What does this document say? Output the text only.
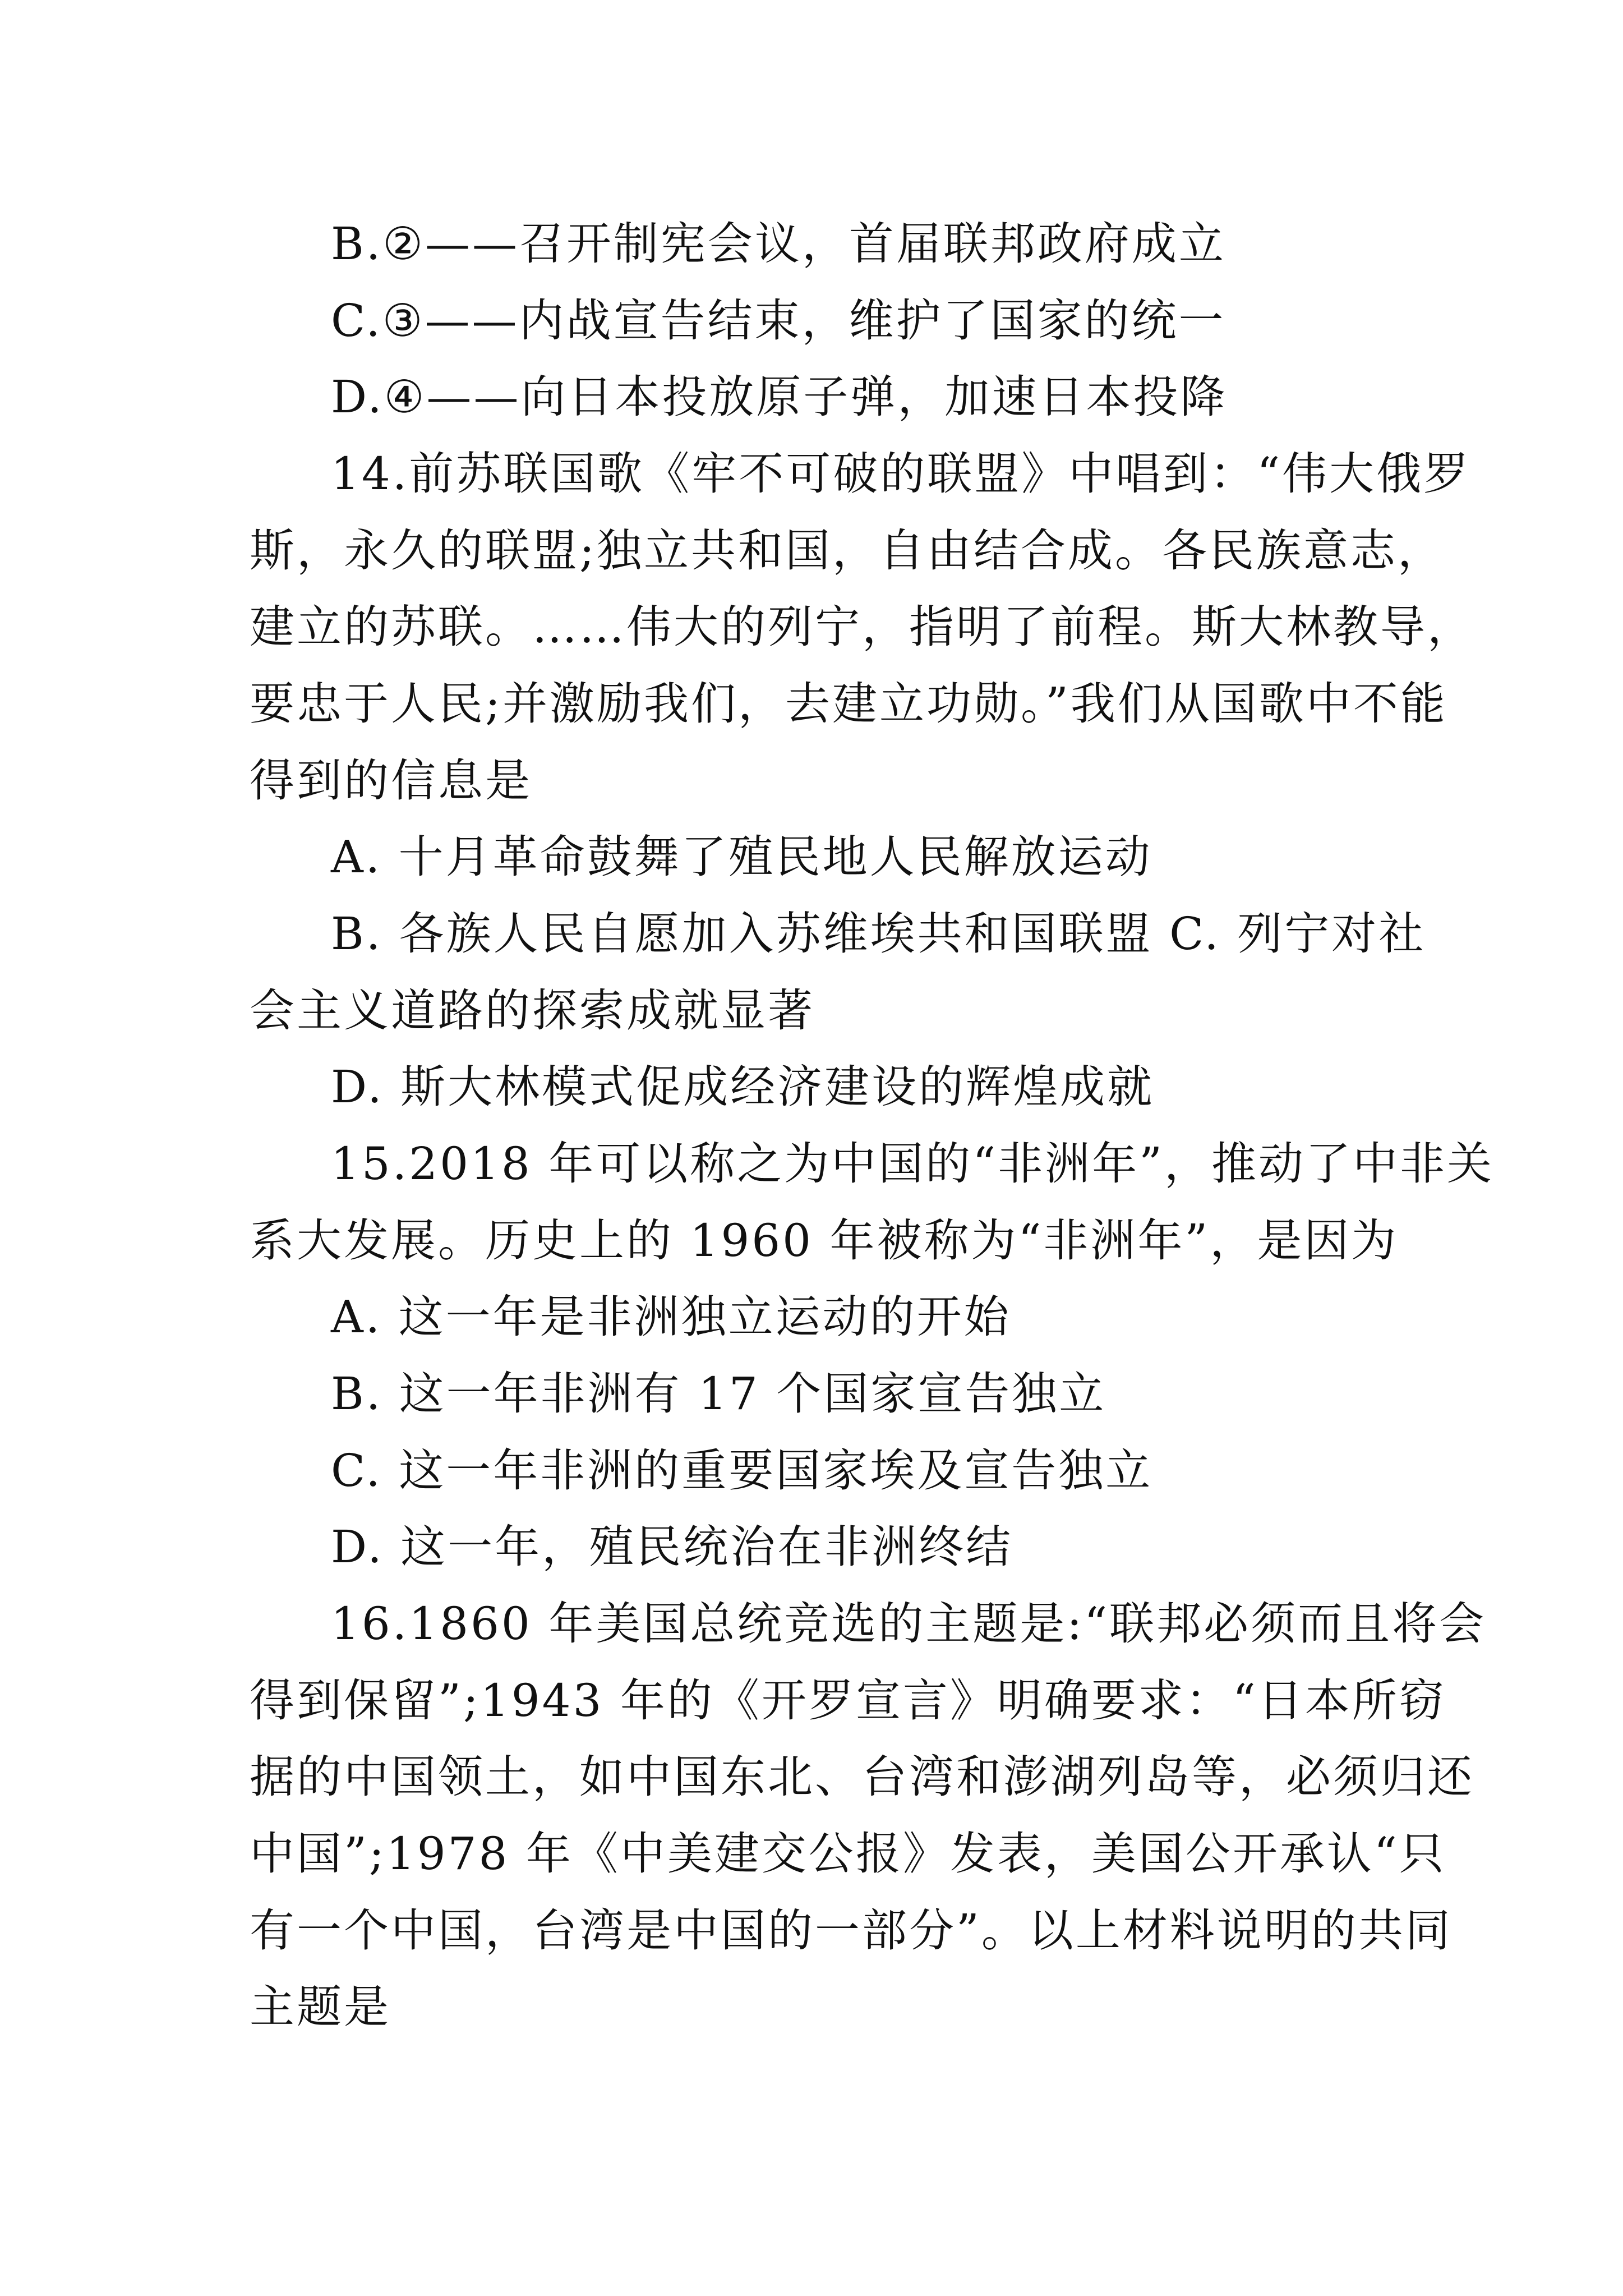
B.②——召开制宪会议，首届联邦政府成立
C.③——内战宣告结束，维护了国家的统一
D.④——向日本投放原子弹，加速日本投降
14.前苏联国歌《牢不可破的联盟》中唱到：“伟大俄罗
斯，永久的联盟;独立共和国，自由结合成。各民族意志，
建立的苏联。……伟大的列宁，指明了前程。斯大林教导，
要忠于人民;并激励我们，去建立功勋。”我们从国歌中不能
得到的信息是
A. 十月革命鼓舞了殖民地人民解放运动
B. 各族人民自愿加入苏维埃共和国联盟 C. 列宁对社
会主义道路的探索成就显著
D. 斯大林模式促成经济建设的辉煌成就
15.2018 年可以称之为中国的“非洲年”，推动了中非关
系大发展。历史上的 1960 年被称为“非洲年”，是因为
A. 这一年是非洲独立运动的开始
B. 这一年非洲有 17 个国家宣告独立
C. 这一年非洲的重要国家埃及宣告独立
D. 这一年，殖民统治在非洲终结
16.1860 年美国总统竞选的主题是:“联邦必须而且将会
得到保留”;1943 年的《开罗宣言》明确要求：“日本所窃
据的中国领土，如中国东北、台湾和澎湖列岛等，必须归还
中国”;1978 年《中美建交公报》发表，美国公开承认“只
有一个中国，台湾是中国的一部分”。以上材料说明的共同
主题是
